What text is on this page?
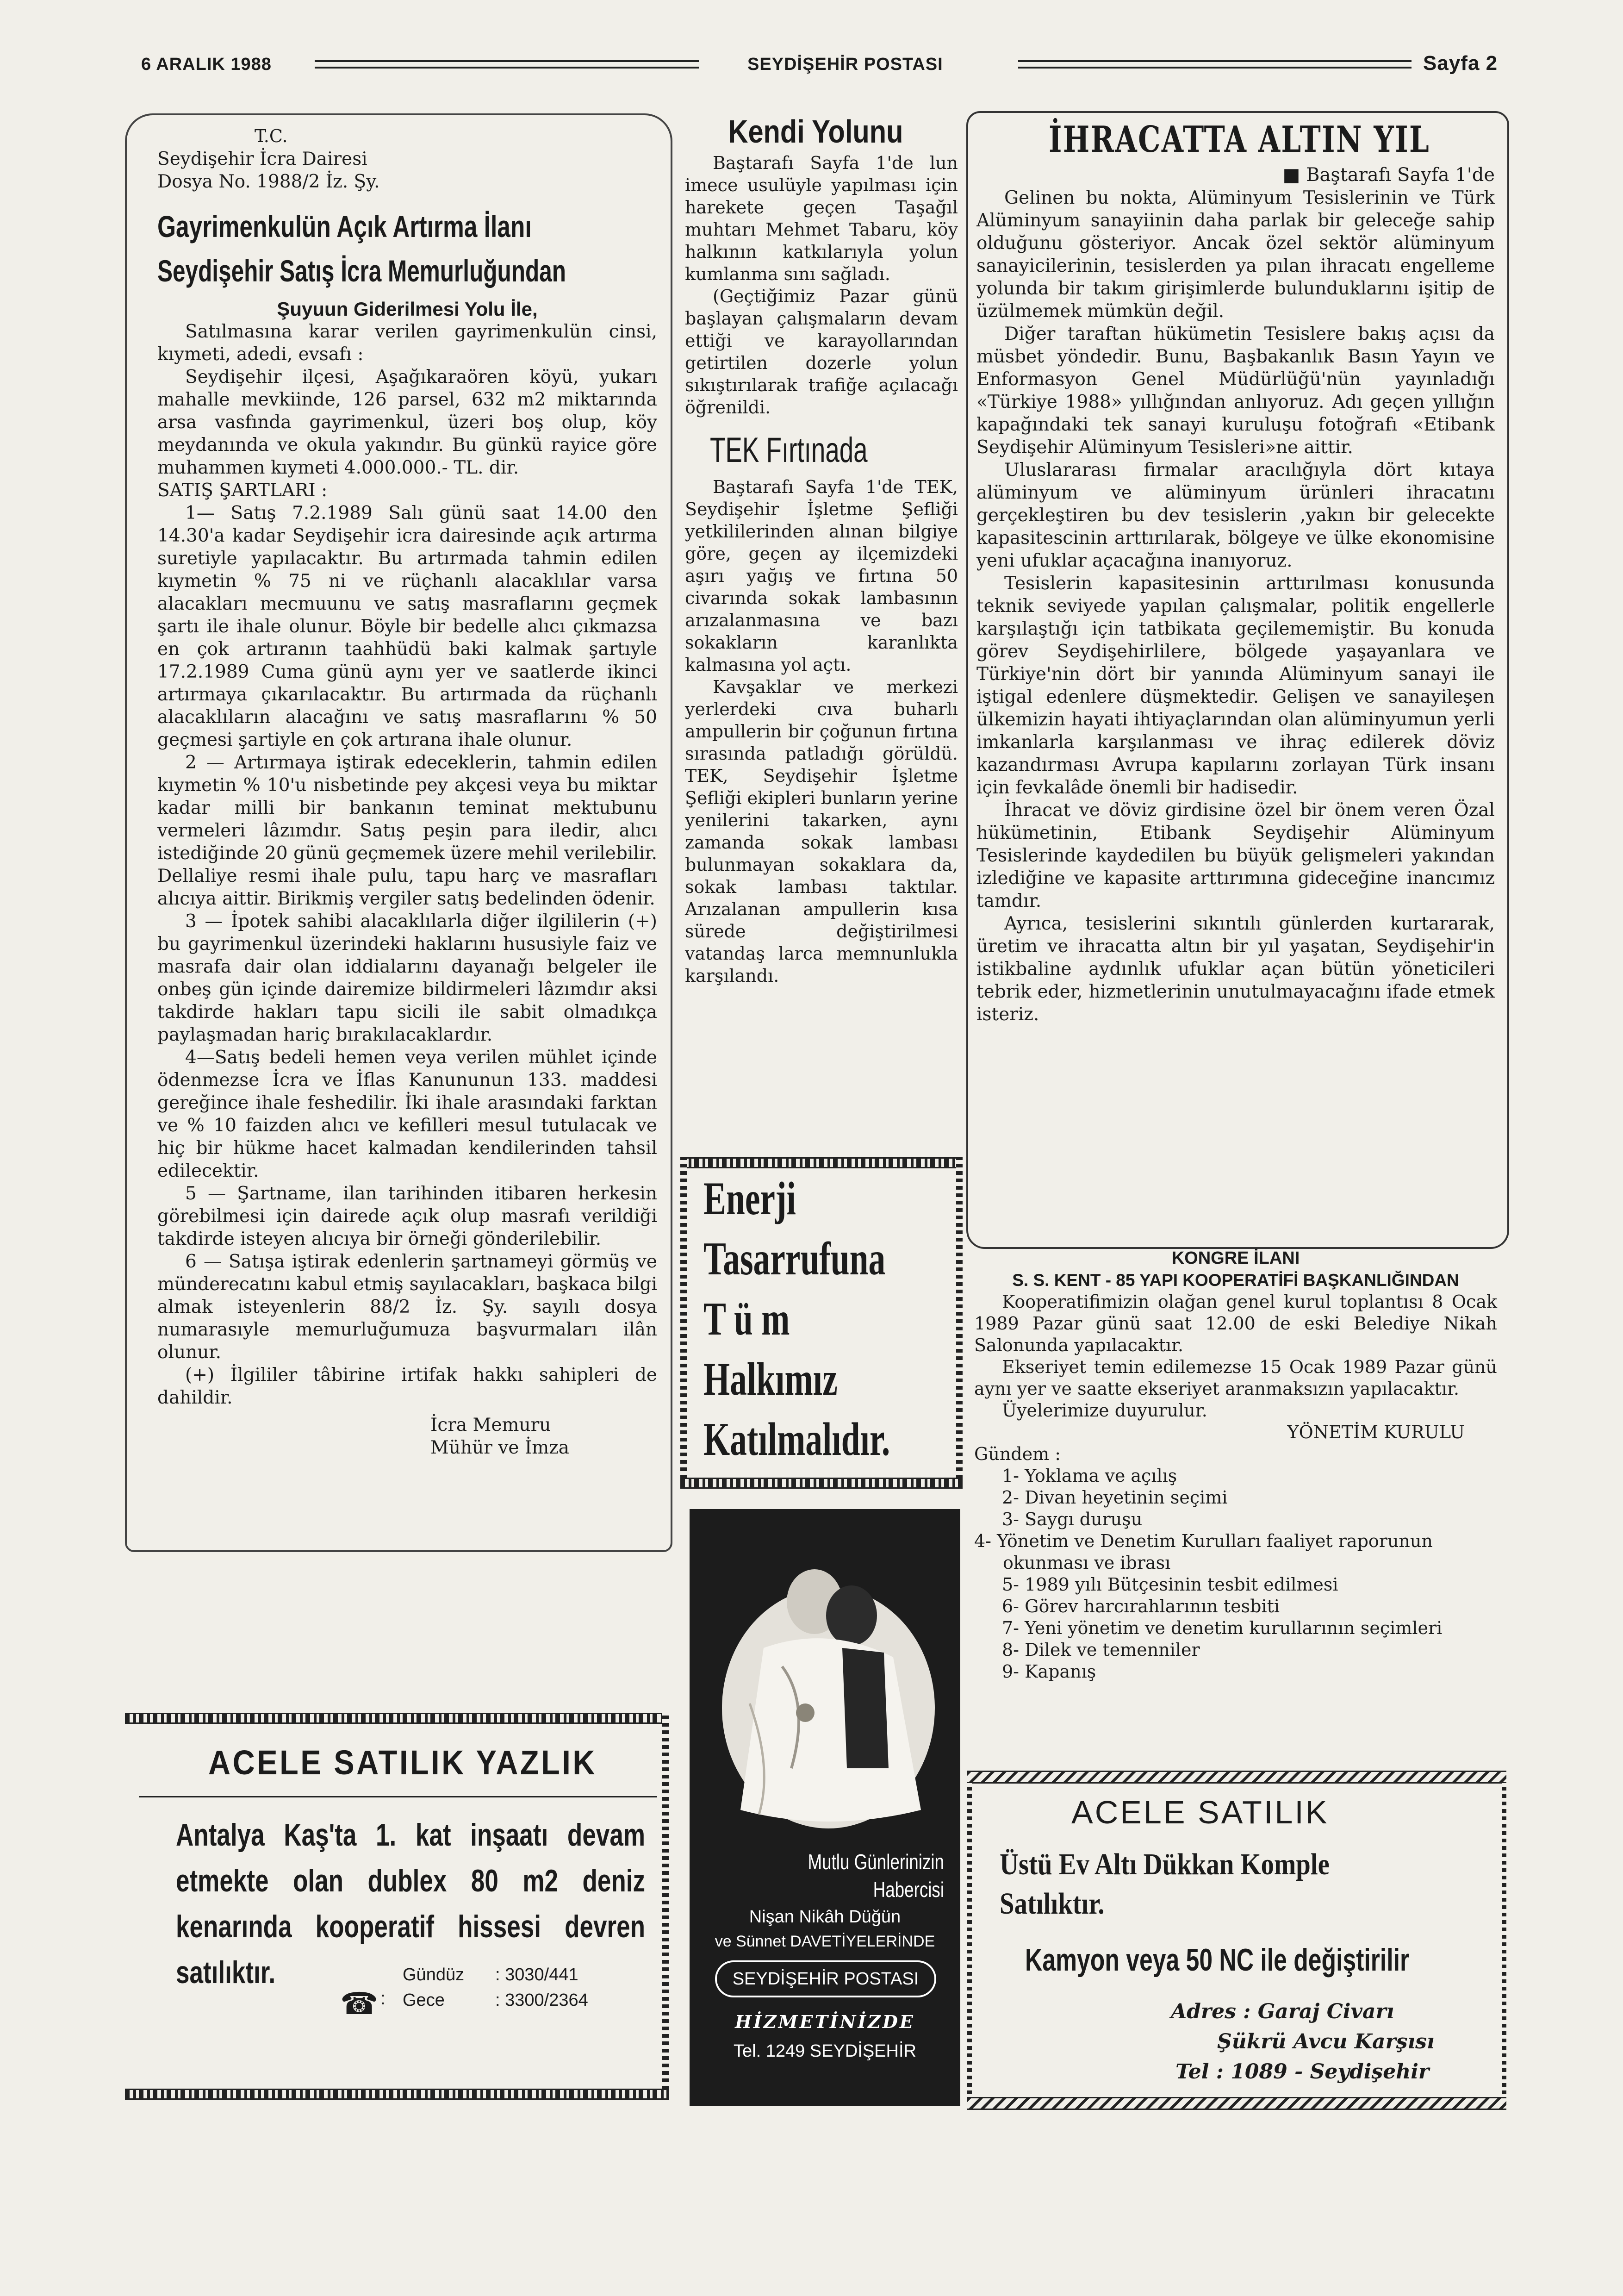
6 ARALIK 1988	SEYDİŞEHİR POSTASI	Sayfa 2

T.C.

Seydişehir İcra Dairesi

Dosya No. 1988/2 İz. Şy.

Gayrimenkulün Açık Artırma İlanı
Seydişehir Satış İcra Memurluğundan

Şuyuun Giderilmesi Yolu İle,

Satılmasına karar verilen gayrimenkulün cinsi, kıymeti, adedi, evsafı :

Seydişehir ilçesi, Aşağıkaraören köyü, yukarı mahalle mevkiinde, 126 parsel, 632 m2 miktarında arsa vasfında gayrimenkul, üzeri boş olup, köy meydanında ve okula yakındır. Bu günkü rayice göre muhammen kıymeti 4.000.000.- TL. dir.

SATIŞ ŞARTLARI :

1— Satış 7.2.1989 Salı günü saat 14.00 den 14.30'a kadar Seydişehir icra dairesinde açık artırma suretiyle yapılacaktır. Bu artırmada tahmin edilen kıymetin % 75 ni ve rüçhanlı alacaklılar varsa alacakları mecmuunu ve satış masraflarını geçmek şartı ile ihale olunur. Böyle bir bedelle alıcı çıkmazsa en çok artıranın taahhüdü baki kalmak şartıyle 17.2.1989 Cuma günü aynı yer ve saatlerde ikinci artırmaya çıkarılacaktır. Bu artırmada da rüçhanlı alacaklıların alacağını ve satış masraflarını % 50 geçmesi şartiyle en çok artırana ihale olunur.

2 — Artırmaya iştirak edeceklerin, tahmin edilen kıymetin % 10'u nisbetinde pey akçesi veya bu miktar kadar milli bir bankanın teminat mektubunu vermeleri lâzımdır. Satış peşin para iledir, alıcı istediğinde 20 günü geçmemek üzere mehil verilebilir. Dellaliye resmi ihale pulu, tapu harç ve masrafları alıcıya aittir. Birikmiş vergiler satış bedelinden ödenir.

3 — İpotek sahibi alacaklılarla diğer ilgililerin (+) bu gayrimenkul üzerindeki haklarını hususiyle faiz ve masrafa dair olan iddialarını dayanağı belgeler ile onbeş gün içinde dairemize bildirmeleri lâzımdır aksi takdirde hakları tapu sicili ile sabit olmadıkça paylaşmadan hariç bırakılacaklardır.

4—Satış bedeli hemen veya verilen mühlet içinde ödenmezse İcra ve İflas Kanununun 133. maddesi gereğince ihale feshedilir. İki ihale arasındaki farktan ve % 10 faizden alıcı ve kefilleri mesul tutulacak ve hiç bir hükme hacet kalmadan kendilerinden tahsil edilecektir.

5 — Şartname, ilan tarihinden itibaren herkesin görebilmesi için dairede açık olup masrafı verildiği takdirde isteyen alıcıya bir örneği gönderilebilir.

6 — Satışa iştirak edenlerin şartnameyi görmüş ve münderecatını kabul etmiş sayılacakları, başkaca bilgi almak isteyenlerin 88/2 İz. Şy. sayılı dosya numarasıyle memurluğumuza başvurmaları ilân olunur.

(+) İlgililer tâbirine irtifak hakkı sahipleri de dahildir.

İcra Memuru

Mühür ve İmza

ACELE SATILIK YAZLIK
Antalya Kaş'ta 1. kat inşaatı devam etmekte olan dublex 80 m2 deniz kenarında kooperatif hissesi devren satılıktır.
☎ :
Gündüz : 3030/441
Gece	: 3300/2364
Kendi Yolunu

Baştarafı Sayfa 1'de lun imece usulüyle yapılması için harekete geçen Taşağıl muhtarı Mehmet Tabaru, köy halkının katkılarıyla yolun kumlanma sını sağladı.

(Geçtiğimiz Pazar günü başlayan çalışmaların devam ettiği ve karayollarından getirtilen dozerle yolun sıkıştırılarak trafiğe açılacağı öğrenildi.

TEK Fırtınada

Baştarafı Sayfa 1'de TEK, Seydişehir İşletme Şefliği yetkililerinden alınan bilgiye göre, geçen ay ilçemizdeki aşırı yağış ve fırtına 50 civarında sokak lambasının arızalanmasına ve bazı sokakların karanlıkta kalmasına yol açtı.

Kavşaklar ve merkezi yerlerdeki cıva buharlı ampullerin bir çoğunun fırtına sırasında patladığı görüldü. TEK, Seydişehir İşletme Şefliği ekipleri bunların yerine yenilerini takarken, aynı zamanda sokak lambası bulunmayan sokaklara da, sokak lambası taktılar. Arızalanan ampullerin kısa sürede değiştirilmesi vatandaş larca memnunlukla karşılandı.

Enerji
Tasarrufuna
T ü m
Halkımız
Katılmalıdır.
Mutlu Günlerinizin
Habercisi
Nişan Nikâh Düğün
ve Sünnet DAVETİYELERİNDE
SEYDİŞEHİR POSTASI
HİZMETİNİZDE
Tel. 1249 SEYDİŞEHİR
İHRACATTA ALTIN YIL

■ Baştarafı Sayfa 1'de

Gelinen bu nokta, Alüminyum Tesislerinin ve Türk Alüminyum sanayiinin daha parlak bir geleceğe sahip olduğunu gösteriyor. Ancak özel sektör alüminyum sanayicilerinin, tesislerden ya pılan ihracatı engelleme yolunda bir takım girişimlerde bulunduklarını işitip de üzülmemek mümkün değil.

Diğer taraftan hükümetin Tesislere bakış açısı da müsbet yöndedir. Bunu, Başbakanlık Basın Yayın ve Enformasyon Genel Müdürlüğü'nün yayınladığı «Türkiye 1988» yıllığından anlıyoruz. Adı geçen yıllığın kapağındaki tek sanayi kuruluşu fotoğrafı «Etibank Seydişehir Alüminyum Tesisleri»ne aittir.

Uluslararası firmalar aracılığıyla dört kıtaya alüminyum ve alüminyum ürünleri ihracatını gerçekleştiren bu dev tesislerin ,yakın bir gelecekte kapasitescinin arttırılarak, bölgeye ve ülke ekonomisine yeni ufuklar açacağına inanıyoruz.

Tesislerin kapasitesinin arttırılması konusunda teknik seviyede yapılan çalışmalar, politik engellerle karşılaştığı için tatbikata geçilememiştir. Bu konuda görev Seydişehirlilere, bölgede yaşayanlara ve Türkiye'nin dört bir yanında Alüminyum sanayi ile iştigal edenlere düşmektedir. Gelişen ve sanayileşen ülkemizin hayati ihtiyaçlarından olan alüminyumun yerli imkanlarla karşılanması ve ihraç edilerek döviz kazandırması Avrupa kapılarını zorlayan Türk insanı için fevkalâde önemli bir hadisedir.

İhracat ve döviz girdisine özel bir önem veren Özal hükümetinin, Etibank Seydişehir Alüminyum Tesislerinde kaydedilen bu büyük gelişmeleri yakından izlediğine ve kapasite arttırımına gideceğine inancımız tamdır.

Ayrıca, tesislerini sıkıntılı günlerden kurtararak, üretim ve ihracatta altın bir yıl yaşatan, Seydişehir'in istikbaline aydınlık ufuklar açan bütün yöneticileri tebrik eder, hizmetlerinin unutulmayacağını ifade etmek isteriz.

KONGRE İLANI

S. S. KENT - 85 YAPI KOOPERATİFİ BAŞKANLIĞINDAN

Kooperatifimizin olağan genel kurul toplantısı 8 Ocak 1989 Pazar günü saat 12.00 de eski Belediye Nikah Salonunda yapılacaktır.

Ekseriyet temin edilemezse 15 Ocak 1989 Pazar günü aynı yer ve saatte ekseriyet aranmaksızın yapılacaktır.

Üyelerimize duyurulur.

YÖNETİM KURULU

Gündem :

1- Yoklama ve açılış

2- Divan heyetinin seçimi

3- Saygı duruşu

4- Yönetim ve Denetim Kurulları faaliyet raporunun okunması ve ibrası

5- 1989 yılı Bütçesinin tesbit edilmesi

6- Görev harcırahlarının tesbiti

7- Yeni yönetim ve denetim kurullarının seçimleri

8- Dilek ve temenniler

9- Kapanış

ACELE SATILIK
Üstü Ev Altı Dükkan Komple
Satılıktır.
Kamyon veya 50 NC ile değiştirilir
Adres : Garaj Civarı
Şükrü Avcu Karşısı
Tel : 1089 - Seydişehir
